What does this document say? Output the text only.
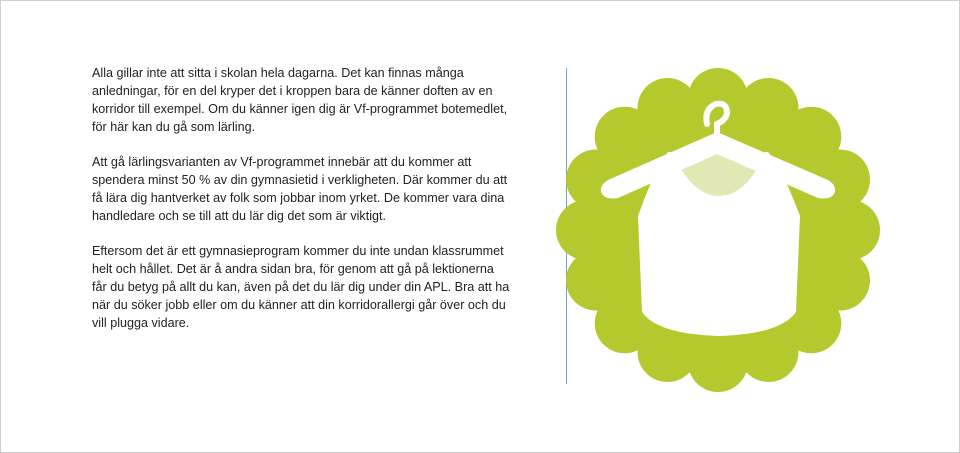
Alla gillar inte att sitta i skolan hela dagarna. Det kan finnas många anledningar, för en del kryper det i kroppen bara de känner doften av en korridor till exempel. Om du känner igen dig är Vf-programmet botemedlet, för här kan du gå som lärling.

Att gå lärlingsvarianten av Vf-programmet innebär att du kommer att spendera minst 50 % av din gymnasietid i verkligheten. Där kommer du att få lära dig hantverket av folk som jobbar inom yrket. De kommer vara dina handledare och se till att du lär dig det som är viktigt.

Eftersom det är ett gymnasieprogram kommer du inte undan klassrummet helt och hållet. Det är å andra sidan bra, för genom att gå på lektionerna får du betyg på allt du kan, även på det du lär dig under din APL. Bra att ha när du söker jobb eller om du känner att din korridorallergi går över och du vill plugga vidare.
